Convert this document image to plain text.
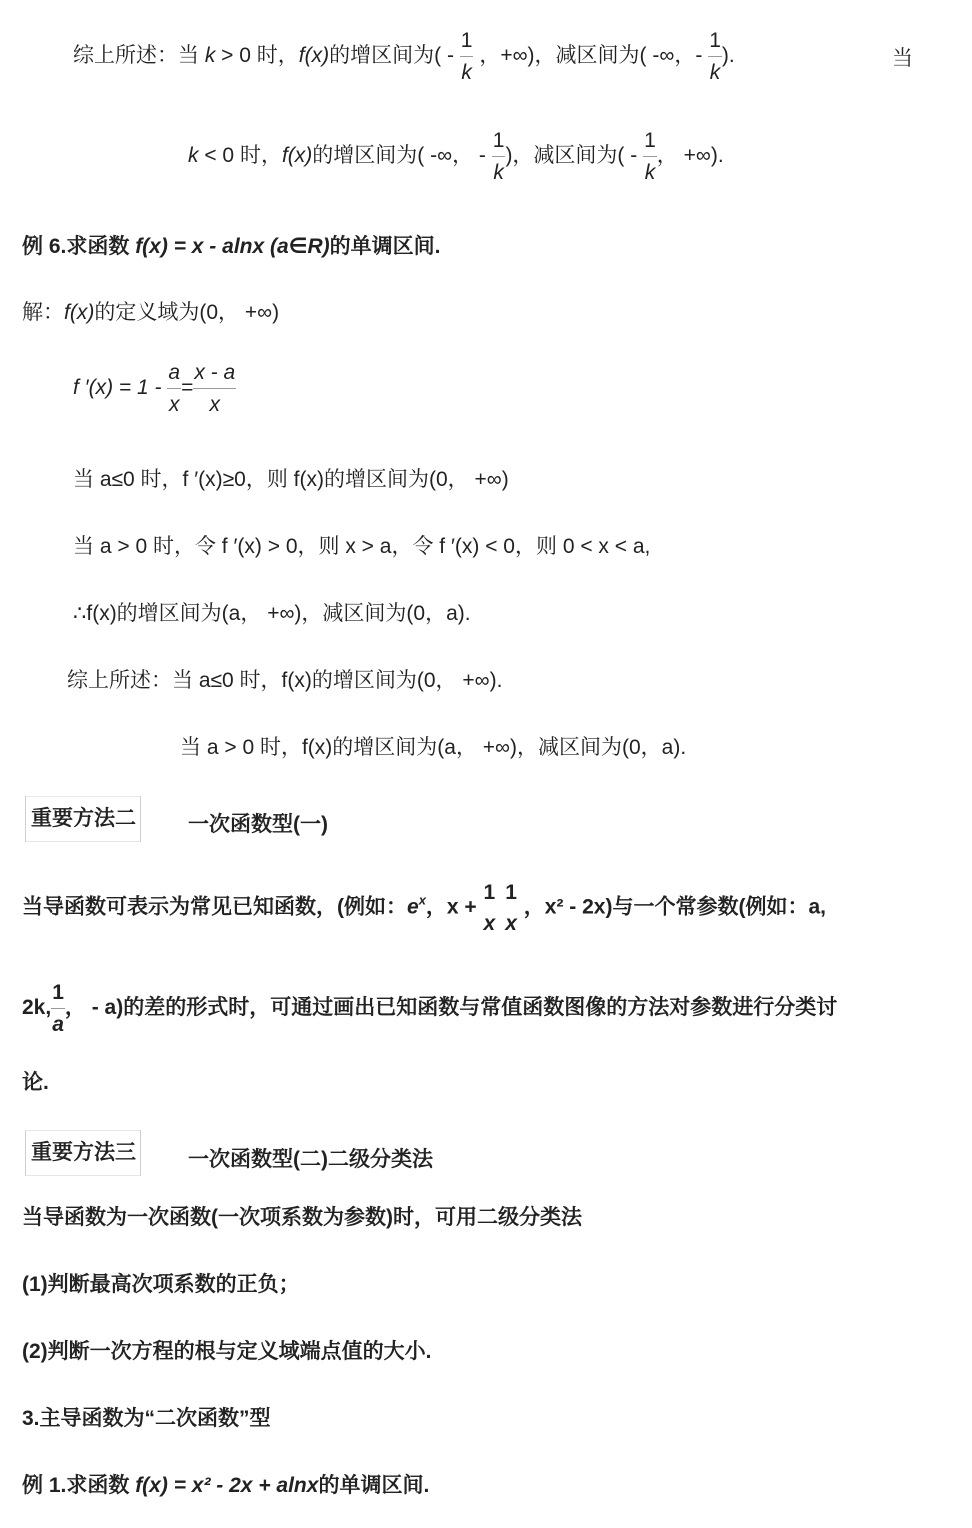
综上所述：当 k > 0 时，f(x)的增区间为( - $\frac{1}{k}$ ，+∞)，减区间为( -∞，- $\frac{1}{k}$ ).	当
k < 0 时，f(x)的增区间为( -∞， - $\frac{1}{k}$ )，减区间为( - $\frac{1}{k}$ ， +∞).
例 6.求函数 f(x) = x - alnx (a∈R)的单调区间.
解：f(x)的定义域为(0， +∞)
f $'(x) = 1 - \frac{a}{x} = \frac{x - a}{x}$
当 a≤0 时，f ′(x)≥0，则 f(x)的增区间为(0， +∞)
当 a > 0 时，令 f ′(x) > 0，则 x > a，令 f ′(x) < 0，则 0 < x < a,
∴f(x)的增区间为(a， +∞)，减区间为(0，a).
综上所述：当 a≤0 时，f(x)的增区间为(0， +∞).
当 a > 0 时，f(x)的增区间为(a， +∞)，减区间为(0，a).
重要方法二 一次函数型(一)
当导函数可表示为常见已知函数，(例如：$e^x$，x +
1 1
x x
，x² - 2x)与一个常参数(例如：a,
2k, $\frac{1}{a}$ ， - a)的差的形式时，可通过画出已知函数与常值函数图像的方法对参数进行分类讨
论.
重要方法三 一次函数型(二)二级分类法
当导函数为一次函数(一次项系数为参数)时，可用二级分类法
(1)判断最高次项系数的正负；
(2)判断一次方程的根与定义域端点值的大小.
3.主导函数为“二次函数”型
例 1.求函数 f(x) = x² - 2x + alnx的单调区间.
